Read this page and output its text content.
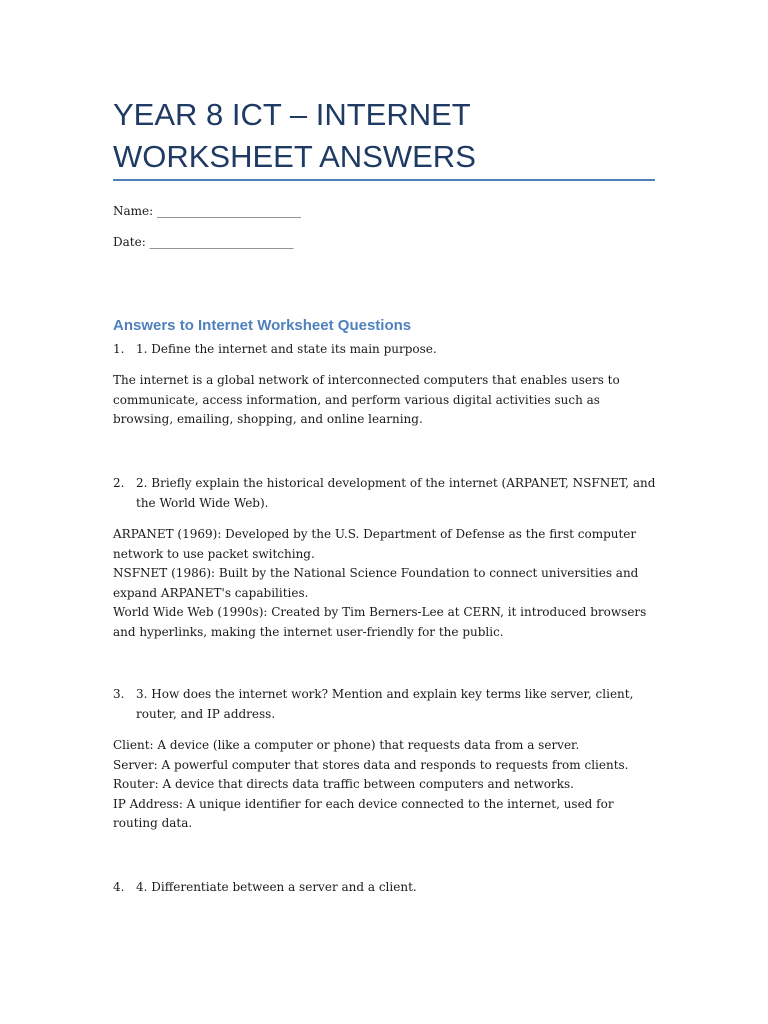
YEAR 8 ICT – INTERNET WORKSHEET ANSWERS
Name: ________________________
Date: ________________________
Answers to Internet Worksheet Questions
1. 1. Define the internet and state its main purpose.
The internet is a global network of interconnected computers that enables users to communicate, access information, and perform various digital activities such as browsing, emailing, shopping, and online learning.
2. 2. Briefly explain the historical development of the internet (ARPANET, NSFNET, and the World Wide Web).
ARPANET (1969): Developed by the U.S. Department of Defense as the first computer network to use packet switching.
NSFNET (1986): Built by the National Science Foundation to connect universities and expand ARPANET's capabilities.
World Wide Web (1990s): Created by Tim Berners-Lee at CERN, it introduced browsers and hyperlinks, making the internet user-friendly for the public.
3. 3. How does the internet work? Mention and explain key terms like server, client, router, and IP address.
Client: A device (like a computer or phone) that requests data from a server.
Server: A powerful computer that stores data and responds to requests from clients.
Router: A device that directs data traffic between computers and networks.
IP Address: A unique identifier for each device connected to the internet, used for routing data.
4. 4. Differentiate between a server and a client.
